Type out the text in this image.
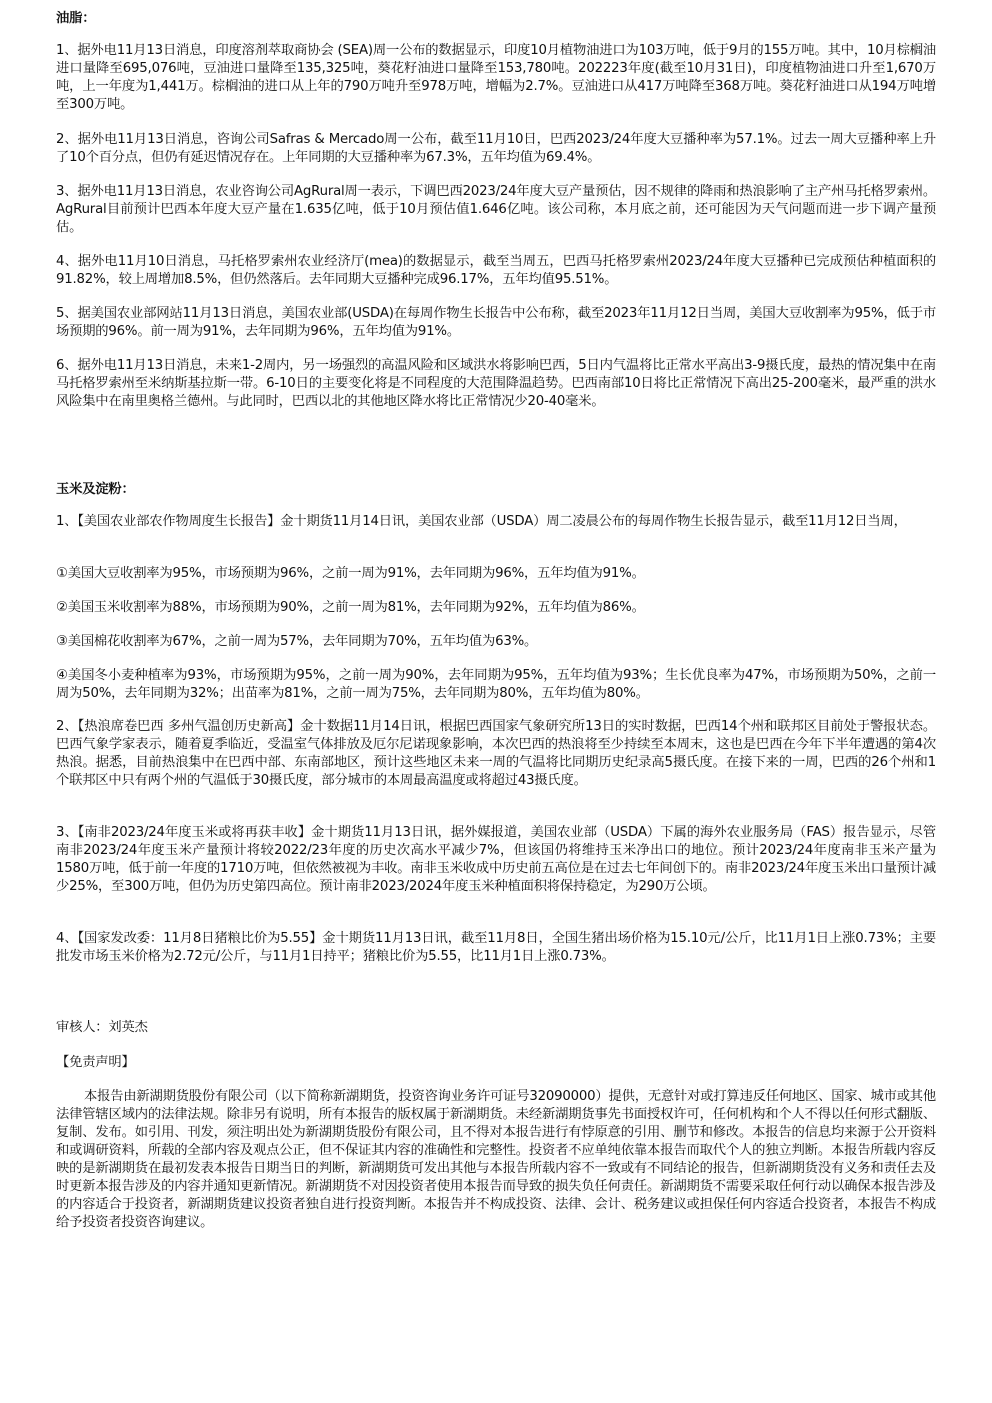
油脂：
1、据外电11月13日消息，印度溶剂萃取商协会 (SEA)周一公布的数据显示，印度10月植物油进口为103万吨，低于9月的155万吨。其中，10月棕榈油进口量降至695,076吨，豆油进口量降至135,325吨，葵花籽油进口量降至153,780吨。202223年度(截至10月31日)，印度植物油进口升至1,670万吨，上一年度为1,441万。棕榈油的进口从上年的790万吨升至978万吨，增幅为2.7%。豆油进口从417万吨降至368万吨。葵花籽油进口从194万吨增至300万吨。
2、据外电11月13日消息，咨询公司Safras & Mercado周一公布，截至11月10日，巴西2023/24年度大豆播种率为57.1%。过去一周大豆播种率上升了10个百分点，但仍有延迟情况存在。上年同期的大豆播种率为67.3%，五年均值为69.4%。
3、据外电11月13日消息，农业咨询公司AgRural周一表示，下调巴西2023/24年度大豆产量预估，因不规律的降雨和热浪影响了主产州马托格罗索州。AgRural目前预计巴西本年度大豆产量在1.635亿吨，低于10月预估值1.646亿吨。该公司称，本月底之前，还可能因为天气问题而进一步下调产量预估。
4、据外电11月10日消息，马托格罗索州农业经济厅(mea)的数据显示，截至当周五，巴西马托格罗索州2023/24年度大豆播种已完成预估种植面积的91.82%，较上周增加8.5%，但仍然落后。去年同期大豆播种完成96.17%，五年均值95.51%。
5、据美国农业部网站11月13日消息，美国农业部(USDA)在每周作物生长报告中公布称，截至2023年11月12日当周，美国大豆收割率为95%，低于市场预期的96%。前一周为91%，去年同期为96%，五年均值为91%。
6、据外电11月13日消息，未来1-2周内，另一场强烈的高温风险和区域洪水将影响巴西，5日内气温将比正常水平高出3-9摄氏度，最热的情况集中在南马托格罗索州至米纳斯基拉斯一带。6-10日的主要变化将是不同程度的大范围降温趋势。巴西南部10日将比正常情况下高出25-200毫米，最严重的洪水风险集中在南里奥格兰德州。与此同时，巴西以北的其他地区降水将比正常情况少20-40毫米。
玉米及淀粉：
1、【美国农业部农作物周度生长报告】金十期货11月14日讯，美国农业部（USDA）周二凌晨公布的每周作物生长报告显示，截至11月12日当周，
①美国大豆收割率为95%，市场预期为96%，之前一周为91%，去年同期为96%，五年均值为91%。
②美国玉米收割率为88%，市场预期为90%，之前一周为81%，去年同期为92%，五年均值为86%。
③美国棉花收割率为67%，之前一周为57%，去年同期为70%，五年均值为63%。
④美国冬小麦种植率为93%，市场预期为95%，之前一周为90%，去年同期为95%，五年均值为93%；生长优良率为47%，市场预期为50%，之前一周为50%，去年同期为32%；出苗率为81%，之前一周为75%，去年同期为80%，五年均值为80%。
2、【热浪席卷巴西 多州气温创历史新高】金十数据11月14日讯，根据巴西国家气象研究所13日的实时数据，巴西14个州和联邦区目前处于警报状态。巴西气象学家表示，随着夏季临近，受温室气体排放及厄尔尼诺现象影响，本次巴西的热浪将至少持续至本周末，这也是巴西在今年下半年遭遇的第4次热浪。据悉，目前热浪集中在巴西中部、东南部地区，预计这些地区未来一周的气温将比同期历史纪录高5摄氏度。在接下来的一周，巴西的26个州和1个联邦区中只有两个州的气温低于30摄氏度，部分城市的本周最高温度或将超过43摄氏度。
3、【南非2023/24年度玉米或将再获丰收】金十期货11月13日讯，据外媒报道，美国农业部（USDA）下属的海外农业服务局（FAS）报告显示，尽管南非2023/24年度玉米产量预计将较2022/23年度的历史次高水平减少7%，但该国仍将维持玉米净出口的地位。预计2023/24年度南非玉米产量为1580万吨，低于前一年度的1710万吨，但依然被视为丰收。南非玉米收成中历史前五高位是在过去七年间创下的。南非2023/24年度玉米出口量预计减少25%，至300万吨，但仍为历史第四高位。预计南非2023/2024年度玉米种植面积将保持稳定，为290万公顷。
4、【国家发改委：11月8日猪粮比价为5.55】金十期货11月13日讯，截至11月8日，全国生猪出场价格为15.10元/公斤，比11月1日上涨0.73%；主要批发市场玉米价格为2.72元/公斤，与11月1日持平；猪粮比价为5.55，比11月1日上涨0.73%。
审核人：刘英杰
【免责声明】
本报告由新湖期货股份有限公司（以下简称新湖期货，投资咨询业务许可证号32090000）提供，无意针对或打算违反任何地区、国家、城市或其他法律管辖区域内的法律法规。除非另有说明，所有本报告的版权属于新湖期货。未经新湖期货事先书面授权许可，任何机构和个人不得以任何形式翻版、复制、发布。如引用、刊发，须注明出处为新湖期货股份有限公司，且不得对本报告进行有悖原意的引用、删节和修改。本报告的信息均来源于公开资料和或调研资料，所载的全部内容及观点公正，但不保证其内容的准确性和完整性。投资者不应单纯依靠本报告而取代个人的独立判断。本报告所载内容反映的是新湖期货在最初发表本报告日期当日的判断，新湖期货可发出其他与本报告所载内容不一致或有不同结论的报告，但新湖期货没有义务和责任去及时更新本报告涉及的内容并通知更新情况。新湖期货不对因投资者使用本报告而导致的损失负任何责任。新湖期货不需要采取任何行动以确保本报告涉及的内容适合于投资者，新湖期货建议投资者独自进行投资判断。本报告并不构成投资、法律、会计、税务建议或担保任何内容适合投资者，本报告不构成给予投资者投资咨询建议。
